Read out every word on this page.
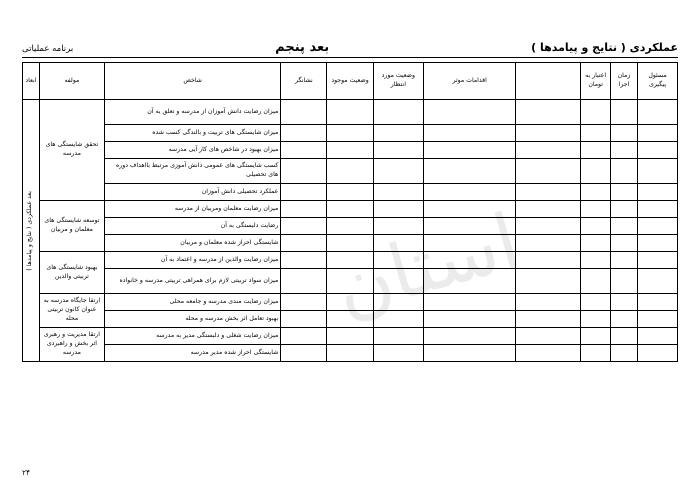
استان
عملکردی ( نتایج و پیامدها )
بعد پنجم
برنامه عملیاتی
مسئول پیگیری	زمان اجرا	اعتبار به تومان		اقدامات موثر	وضعیت مورد انتظار	وضعیت موجود	نشانگر	شاخص	مولفه	ابعاد
								میزان رضایت دانش آموزان از مدرسه و تعلق به آن	تحقق شایستگی های مدرسه	بعد عملکردی ( نتایج و پیامدها )
								میزان شایستگی های تربیت و بالندگی کسب شده		
								میزان بهبود در شاخص های کار آیی مدرسه		
								کسب شایستگی های عمومی دانش آموزی مرتبط بااهداف دوره های تحصیلی		
								عملکرد تحصیلی دانش آموزان		
								میزان رضایت معلمان ومربیان از مدرسه	توسعه شایستگی های معلمان و مربیان	
								رضایت دلبستگی به آن		
								شایستگی احراز شده معلمان و مربیان		
								میزان رضایت والدین از مدرسه و اعتماد به آن	بهبود شایستگی های تربیتی والدین	
								میزان سواد تربیتی لازم برای همراهی تربیتی مدرسه و خانواده		
								میزان رضایت مندی مدرسه و جامعه محلی	ارتقا جایگاه مدرسه به عنوان کانون تربیتی محله	
								بهبود تعامل اثر بخش مدرسه و محله		
								میزان رضایت شغلی و دلبستگی مدیر به مدرسه	ارتقا مدیریت و رهبری اثر بخش و راهبردی مدرسه	
								شایستگی احراز شده مدیر مدرسه		
۲۴
